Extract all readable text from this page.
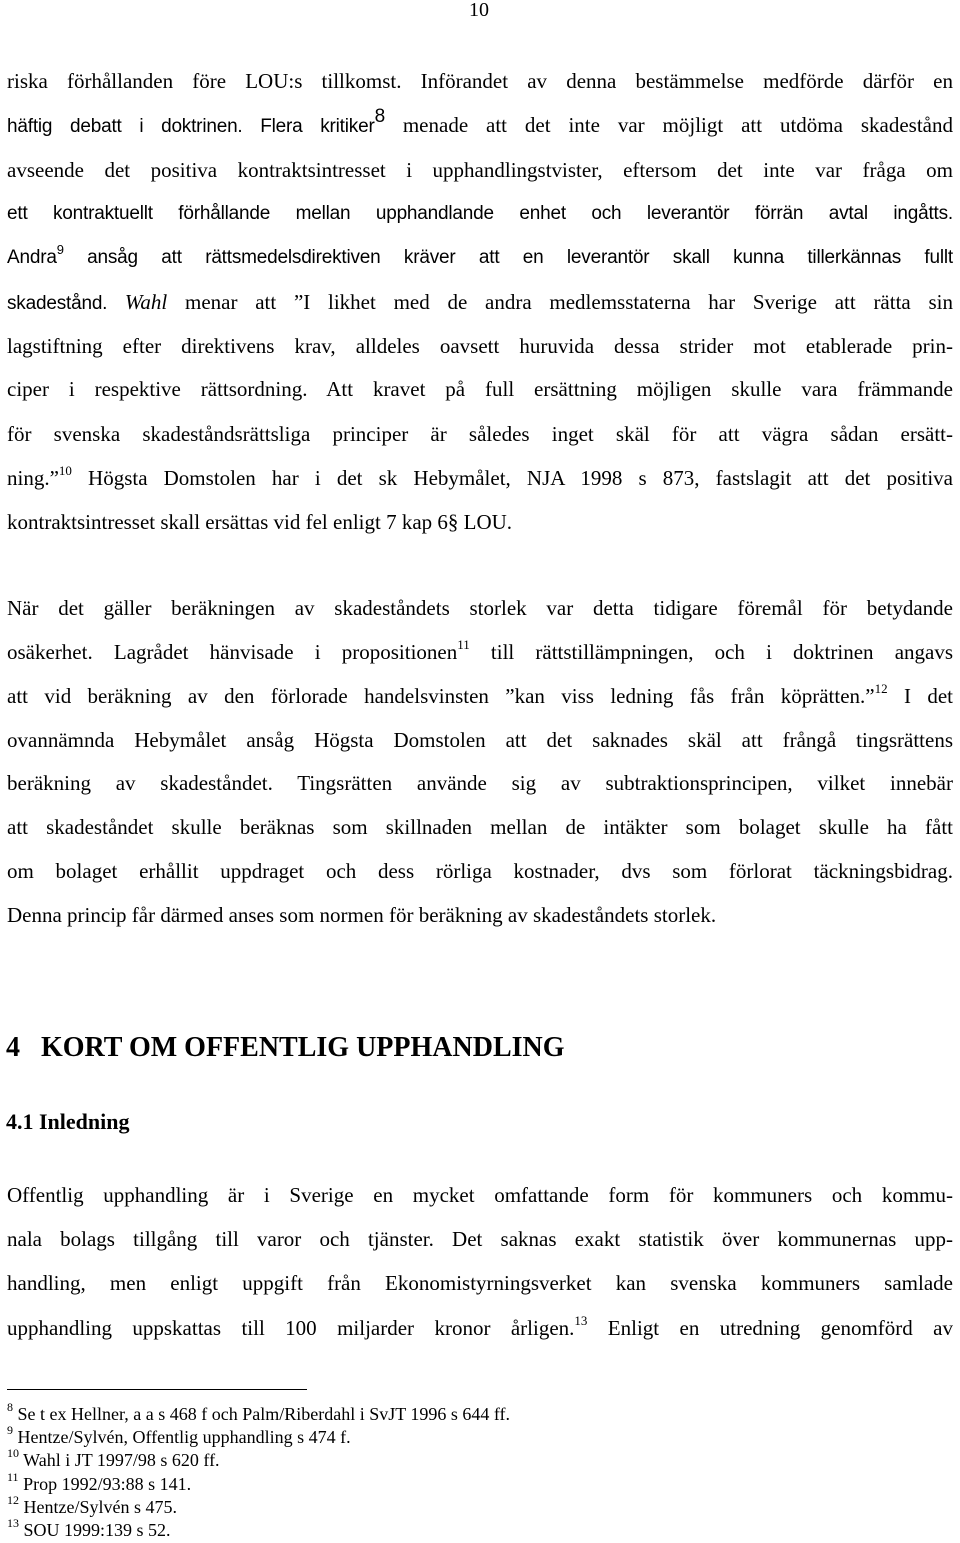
10
riska förhållanden före LOU:s tillkomst. Införandet av denna bestämmelse medförde därför en
häftig debatt i doktrinen. Flera kritiker$^8$ menade att det inte var möjligt att utdöma skadestånd
avseende det positiva kontraktsintresset i upphandlingstvister, eftersom det inte var fråga om
ett kontraktuellt förhållande mellan upphandlande enhet och leverantör förrän avtal ingåtts.
Andra$^9$ ansåg att rättsmedelsdirektiven kräver att en leverantör skall kunna tillerkännas fullt
skadestånd. Wahl menar att ”I likhet med de andra medlemsstaterna har Sverige att rätta sin
lagstiftning efter direktivens krav, alldeles oavsett huruvida dessa strider mot etablerade prin-
ciper i respektive rättsordning. Att kravet på full ersättning möjligen skulle vara främmande
för svenska skadeståndsrättsliga principer är således inget skäl för att vägra sådan ersätt-
ning.”$^{10}$ Högsta Domstolen har i det sk Hebymålet, NJA 1998 s 873, fastslagit att det positiva
kontraktsintresset skall ersättas vid fel enligt 7 kap 6§ LOU.
När det gäller beräkningen av skadeståndets storlek var detta tidigare föremål för betydande
osäkerhet. Lagrådet hänvisade i propositionen$^{11}$ till rättstillämpningen, och i doktrinen angavs
att vid beräkning av den förlorade handelsvinsten ”kan viss ledning fås från köprätten.”$^{12}$ I det
ovannämnda Hebymålet ansåg Högsta Domstolen att det saknades skäl att frångå tingsrättens
beräkning av skadeståndet. Tingsrätten använde sig av subtraktionsprincipen, vilket innebär
att skadeståndet skulle beräknas som skillnaden mellan de intäkter som bolaget skulle ha fått
om bolaget erhållit uppdraget och dess rörliga kostnader, dvs som förlorat täckningsbidrag.
Denna princip får därmed anses som normen för beräkning av skadeståndets storlek.
4 KORT OM OFFENTLIG UPPHANDLING
4.1 Inledning
Offentlig upphandling är i Sverige en mycket omfattande form för kommuners och kommu-
nala bolags tillgång till varor och tjänster. Det saknas exakt statistik över kommunernas upp-
handling, men enligt uppgift från Ekonomistyrningsverket kan svenska kommuners samlade
upphandling uppskattas till 100 miljarder kronor årligen.$^{13}$ Enligt en utredning genomförd av
$^8$ Se t ex Hellner, a a s 468 f och Palm/Riberdahl i SvJT 1996 s 644 ff.
$^9$ Hentze/Sylvén, Offentlig upphandling s 474 f.
$^{10}$ Wahl i JT 1997/98 s 620 ff.
$^{11}$ Prop 1992/93:88 s 141.
$^{12}$ Hentze/Sylvén s 475.
$^{13}$ SOU 1999:139 s 52.
